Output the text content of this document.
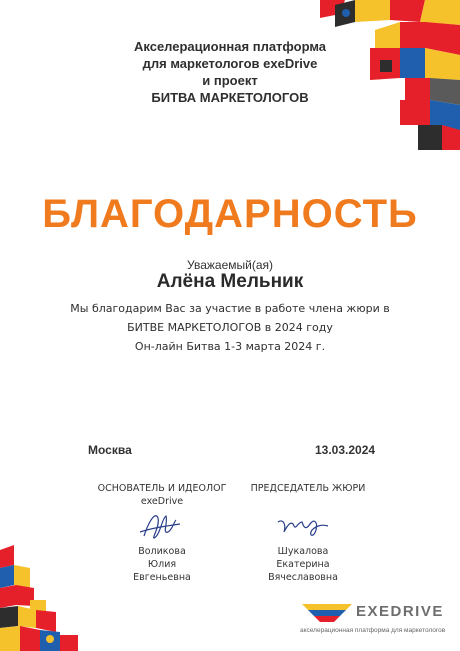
Акселерационная платформа
для маркетологов exeDrive
и проект
БИТВА МАРКЕТОЛОГОВ
БЛАГОДАРНОСТЬ
Уважаемый(ая)
Алёна Мельник
Мы благодарим Вас за участие в работе члена жюри в
БИТВЕ МАРКЕТОЛОГОВ в 2024 году
Он-лайн Битва 1-3 марта 2024 г.
Москва	13.03.2024
ОСНОВАТЕЛЬ И ИДЕОЛОГ
exeDrive
ПРЕДСЕДАТЕЛЬ ЖЮРИ
Воликова
Юлия
Евгеньевна
Шукалова
Екатерина
Вячеславовна
EXEDRIVE
акселерационная платформа для маркетологов
